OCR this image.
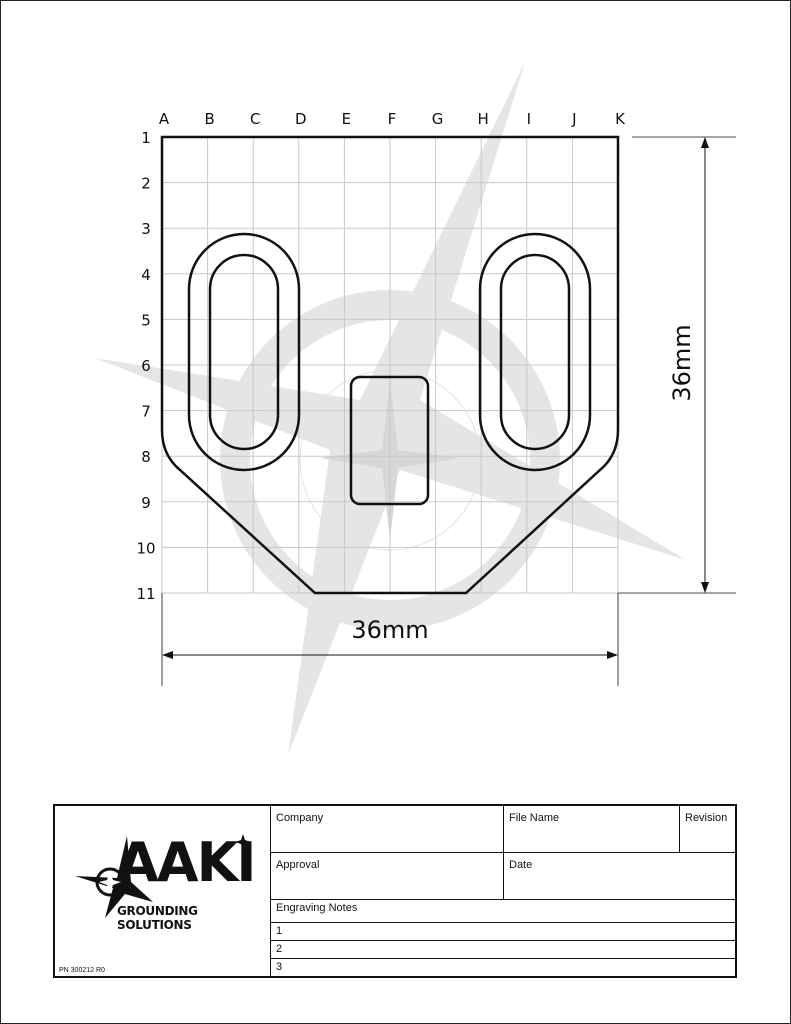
A B C D E F G H	I	J	K
1
2
3
4
5
6
7
8
9
10
11
36mm
36mm
AAKI
GROUNDING SOLUTIONS
PN 300212 R0
Company	File Name	Revision
Approval	Date
Engraving Notes
1
2
3
